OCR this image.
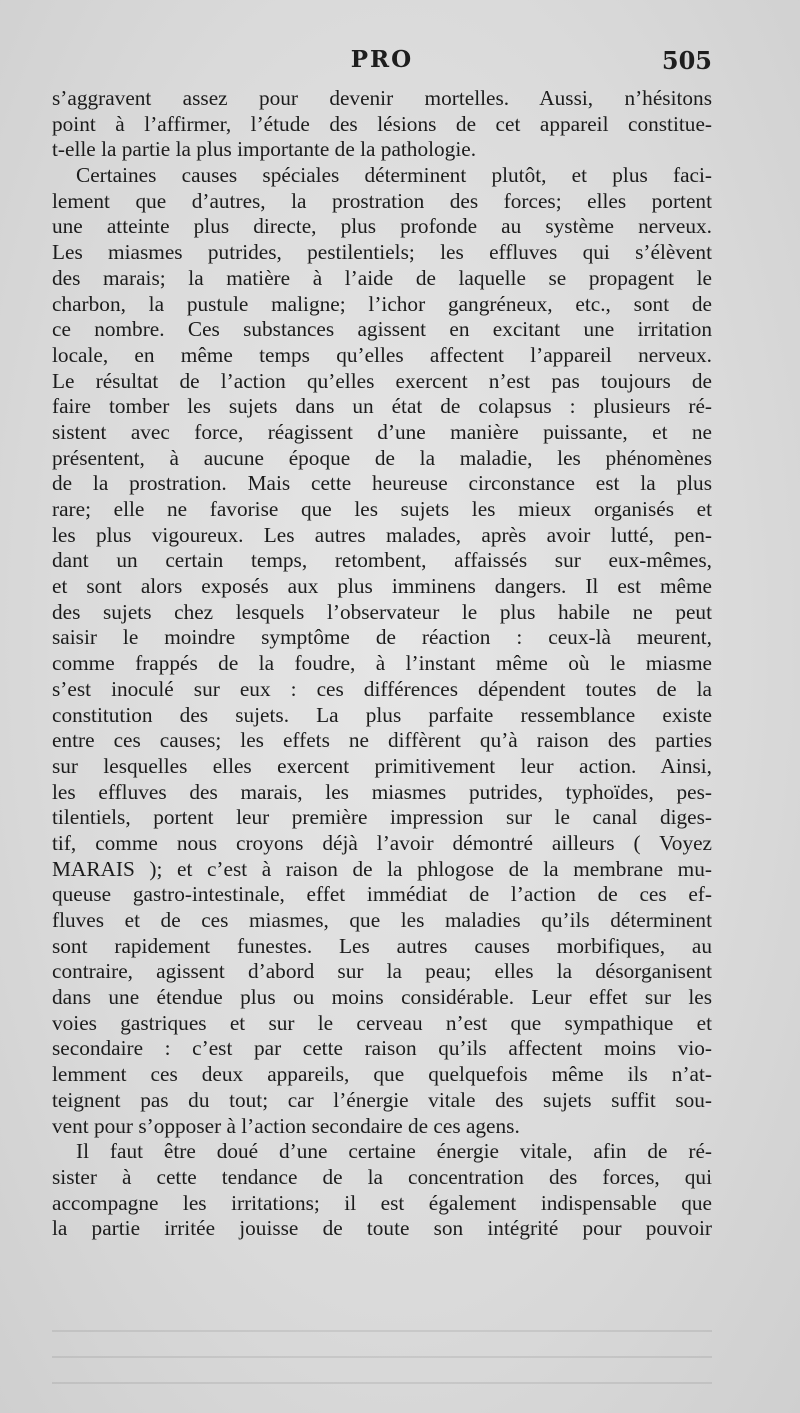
PRO	505
s’aggravent assez pour devenir mortelles. Aussi, n’hésitons
point à l’affirmer, l’étude des lésions de cet appareil constitue-
t-elle la partie la plus importante de la pathologie.
Certaines causes spéciales déterminent plutôt, et plus faci-
lement que d’autres, la prostration des forces; elles portent
une atteinte plus directe, plus profonde au système nerveux.
Les miasmes putrides, pestilentiels; les effluves qui s’élèvent
des marais; la matière à l’aide de laquelle se propagent le
charbon, la pustule maligne; l’ichor gangréneux, etc., sont de
ce nombre. Ces substances agissent en excitant une irritation
locale, en même temps qu’elles affectent l’appareil nerveux.
Le résultat de l’action qu’elles exercent n’est pas toujours de
faire tomber les sujets dans un état de colapsus : plusieurs ré-
sistent avec force, réagissent d’une manière puissante, et ne
présentent, à aucune époque de la maladie, les phénomènes
de la prostration. Mais cette heureuse circonstance est la plus
rare; elle ne favorise que les sujets les mieux organisés et
les plus vigoureux. Les autres malades, après avoir lutté, pen-
dant un certain temps, retombent, affaissés sur eux-mêmes,
et sont alors exposés aux plus imminens dangers. Il est même
des sujets chez lesquels l’observateur le plus habile ne peut
saisir le moindre symptôme de réaction : ceux-là meurent,
comme frappés de la foudre, à l’instant même où le miasme
s’est inoculé sur eux : ces différences dépendent toutes de la
constitution des sujets. La plus parfaite ressemblance existe
entre ces causes; les effets ne diffèrent qu’à raison des parties
sur lesquelles elles exercent primitivement leur action. Ainsi,
les effluves des marais, les miasmes putrides, typhoïdes, pes-
tilentiels, portent leur première impression sur le canal diges-
tif, comme nous croyons déjà l’avoir démontré ailleurs ( Voyez
MARAIS ); et c’est à raison de la phlogose de la membrane mu-
queuse gastro-intestinale, effet immédiat de l’action de ces ef-
fluves et de ces miasmes, que les maladies qu’ils déterminent
sont rapidement funestes. Les autres causes morbifiques, au
contraire, agissent d’abord sur la peau; elles la désorganisent
dans une étendue plus ou moins considérable. Leur effet sur les
voies gastriques et sur le cerveau n’est que sympathique et
secondaire : c’est par cette raison qu’ils affectent moins vio-
lemment ces deux appareils, que quelquefois même ils n’at-
teignent pas du tout; car l’énergie vitale des sujets suffit sou-
vent pour s’opposer à l’action secondaire de ces agens.
Il faut être doué d’une certaine énergie vitale, afin de ré-
sister à cette tendance de la concentration des forces, qui
accompagne les irritations; il est également indispensable que
la partie irritée jouisse de toute son intégrité pour pouvoir
